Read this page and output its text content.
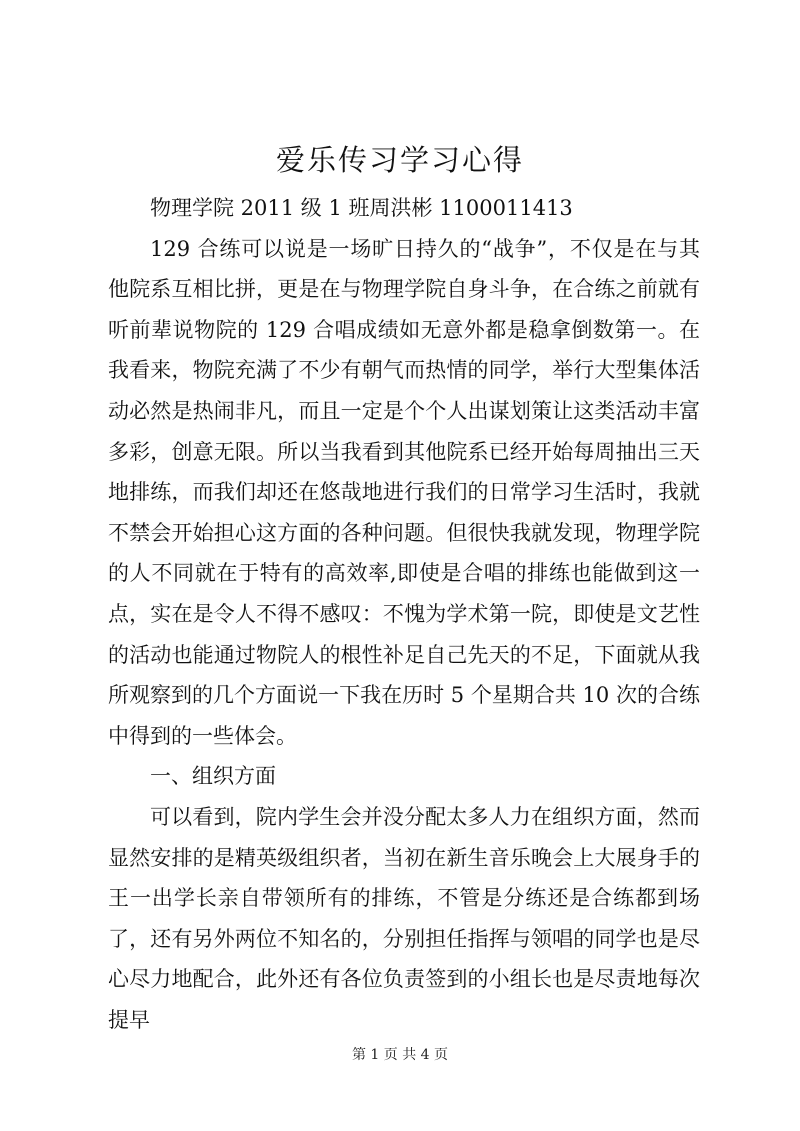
爱乐传习学习心得

物理学院 2011 级 1 班周洪彬 1100011413

129 合练可以说是一场旷日持久的“战争”，不仅是在与其他院系互相比拼，更是在与物理学院自身斗争，在合练之前就有听前辈说物院的 129 合唱成绩如无意外都是稳拿倒数第一。在我看来，物院充满了不少有朝气而热情的同学，举行大型集体活动必然是热闹非凡，而且一定是个个人出谋划策让这类活动丰富多彩，创意无限。所以当我看到其他院系已经开始每周抽出三天地排练，而我们却还在悠哉地进行我们的日常学习生活时，我就不禁会开始担心这方面的各种问题。但很快我就发现，物理学院的人不同就在于特有的高效率,即使是合唱的排练也能做到这一点，实在是令人不得不感叹：不愧为学术第一院，即使是文艺性的活动也能通过物院人的根性补足自己先天的不足，下面就从我所观察到的几个方面说一下我在历时 5 个星期合共 10 次的合练中得到的一些体会。

一、组织方面

可以看到，院内学生会并没分配太多人力在组织方面，然而显然安排的是精英级组织者，当初在新生音乐晚会上大展身手的王一出学长亲自带领所有的排练，不管是分练还是合练都到场了，还有另外两位不知名的，分别担任指挥与领唱的同学也是尽心尽力地配合，此外还有各位负责签到的小组长也是尽责地每次提早

第 1 页 共 4 页
